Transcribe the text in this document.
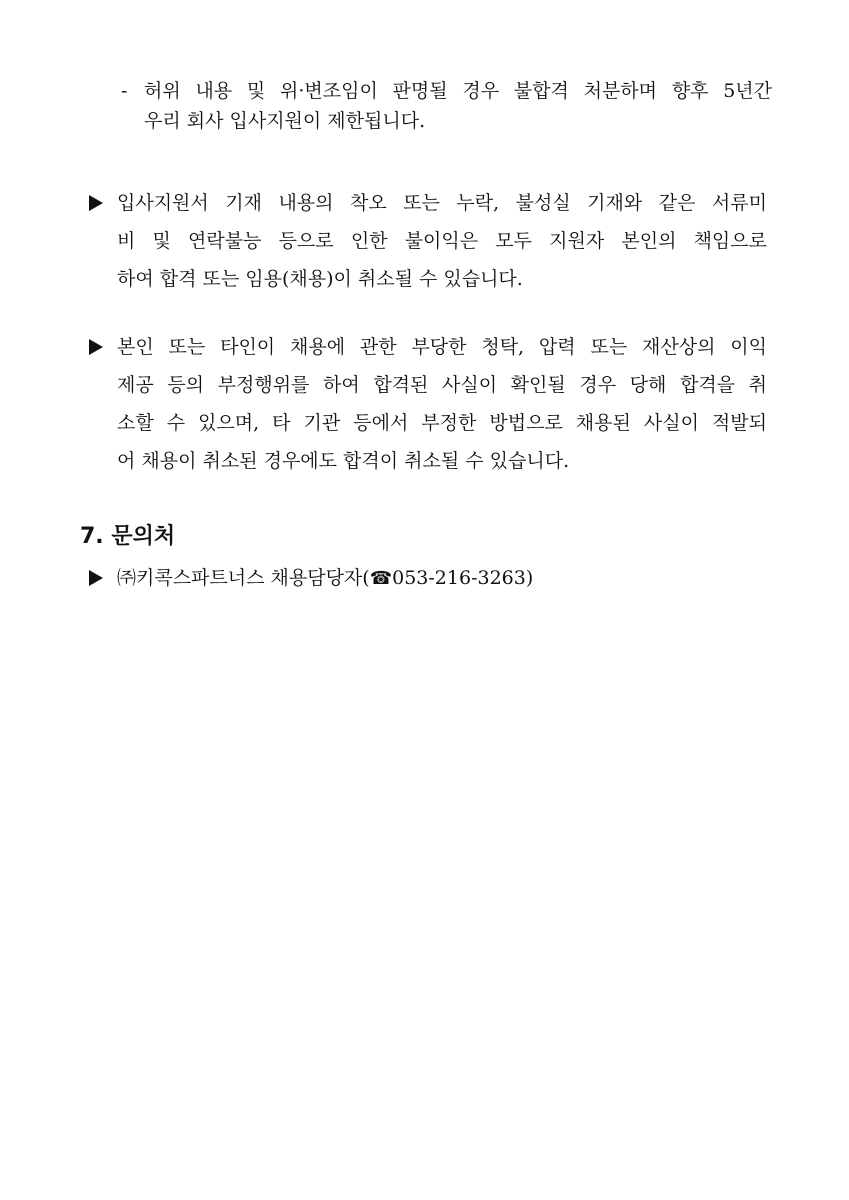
- 허위 내용 및 위·변조임이 판명될 경우 불합격 처분하며 향후 5년간
우리 회사 입사지원이 제한됩니다.
입사지원서 기재 내용의 착오 또는 누락, 불성실 기재와 같은 서류미
비 및 연락불능 등으로 인한 불이익은 모두 지원자 본인의 책임으로
하여 합격 또는 임용(채용)이 취소될 수 있습니다.
본인 또는 타인이 채용에 관한 부당한 청탁, 압력 또는 재산상의 이익
제공 등의 부정행위를 하여 합격된 사실이 확인될 경우 당해 합격을 취
소할 수 있으며, 타 기관 등에서 부정한 방법으로 채용된 사실이 적발되
어 채용이 취소된 경우에도 합격이 취소될 수 있습니다.
7. 문의처
㈜키콕스파트너스 채용담당자(☎053-216-3263)
